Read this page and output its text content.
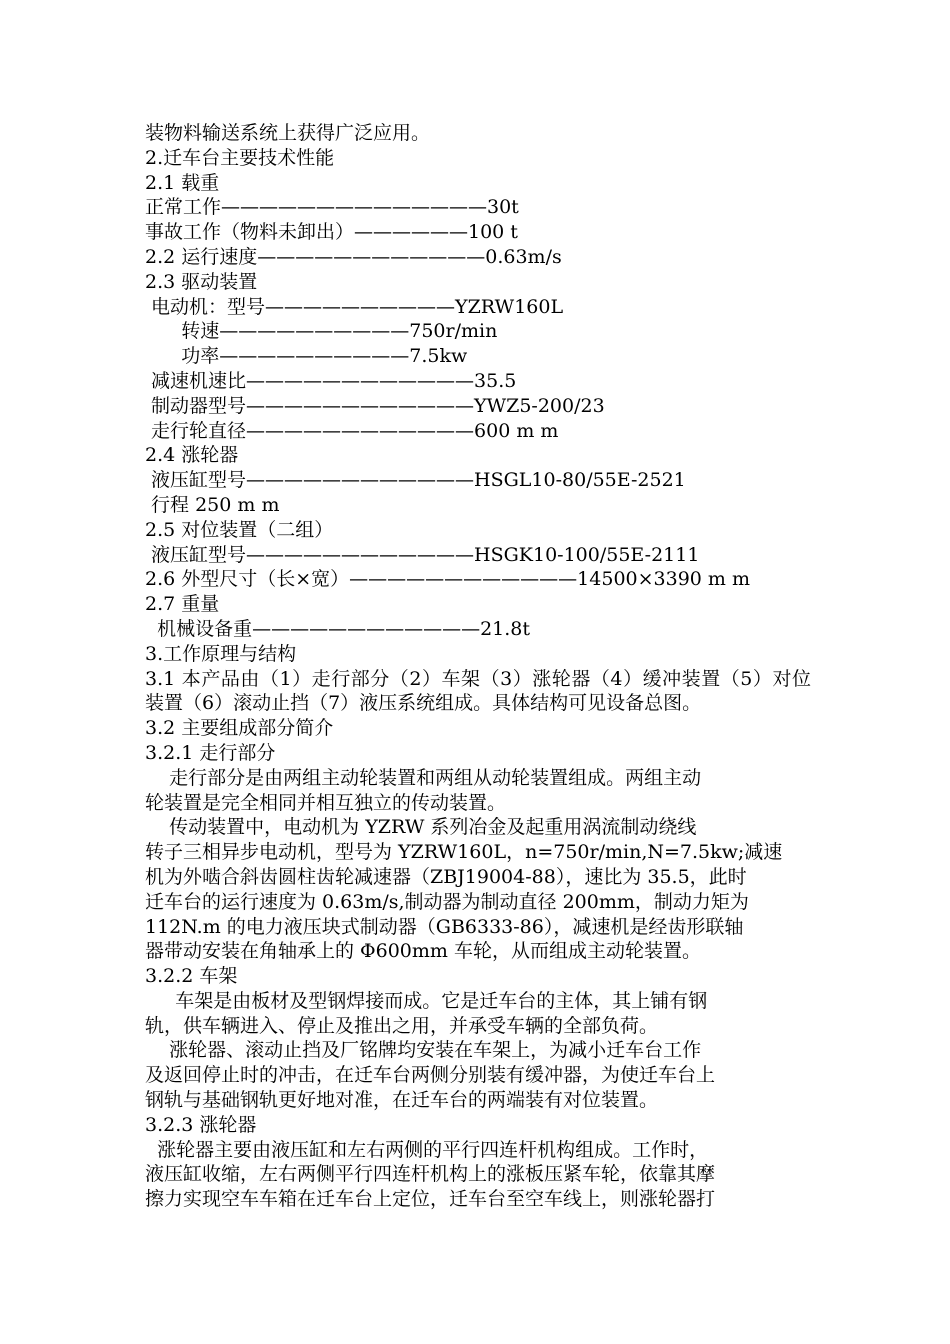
装物料输送系统上获得广泛应用。
2.迁车台主要技术性能
2.1 载重
正常工作——————————————30t
事故工作（物料未卸出）——————100 t
2.2 运行速度————————————0.63m/s
2.3 驱动装置
电动机：型号——————————YZRW160L
转速——————————750r/min
功率——————————7.5kw
减速机速比————————————35.5
制动器型号————————————YWZ5-200/23
走行轮直径————————————600 m m
2.4 涨轮器
液压缸型号————————————HSGL10-80/55E-2521
行程 250 m m
2.5 对位装置（二组）
液压缸型号————————————HSGK10-100/55E-2111
2.6 外型尺寸（长×宽）————————————14500×3390 m m
2.7 重量
机械设备重————————————21.8t
3.工作原理与结构
3.1 本产品由（1）走行部分（2）车架（3）涨轮器（4）缓冲装置（5）对位
装置（6）滚动止挡（7）液压系统组成。具体结构可见设备总图。
3.2 主要组成部分简介
3.2.1 走行部分
走行部分是由两组主动轮装置和两组从动轮装置组成。两组主动
轮装置是完全相同并相互独立的传动装置。
传动装置中，电动机为 YZRW 系列冶金及起重用涡流制动绕线
转子三相异步电动机，型号为 YZRW160L，n=750r/min,N=7.5kw;减速
机为外啮合斜齿圆柱齿轮减速器（ZBJ19004-88），速比为 35.5，此时
迁车台的运行速度为 0.63m/s,制动器为制动直径 200mm，制动力矩为
112N.m 的电力液压块式制动器（GB6333-86），减速机是经齿形联轴
器带动安装在角轴承上的 Φ600mm 车轮，从而组成主动轮装置。
3.2.2 车架
车架是由板材及型钢焊接而成。它是迁车台的主体，其上铺有钢
轨，供车辆进入、停止及推出之用，并承受车辆的全部负荷。
涨轮器、滚动止挡及厂铭牌均安装在车架上，为减小迁车台工作
及返回停止时的冲击，在迁车台两侧分别装有缓冲器，为使迁车台上
钢轨与基础钢轨更好地对准，在迁车台的两端装有对位装置。
3.2.3 涨轮器
涨轮器主要由液压缸和左右两侧的平行四连杆机构组成。工作时，
液压缸收缩，左右两侧平行四连杆机构上的涨板压紧车轮，依靠其摩
擦力实现空车车箱在迁车台上定位，迁车台至空车线上，则涨轮器打
